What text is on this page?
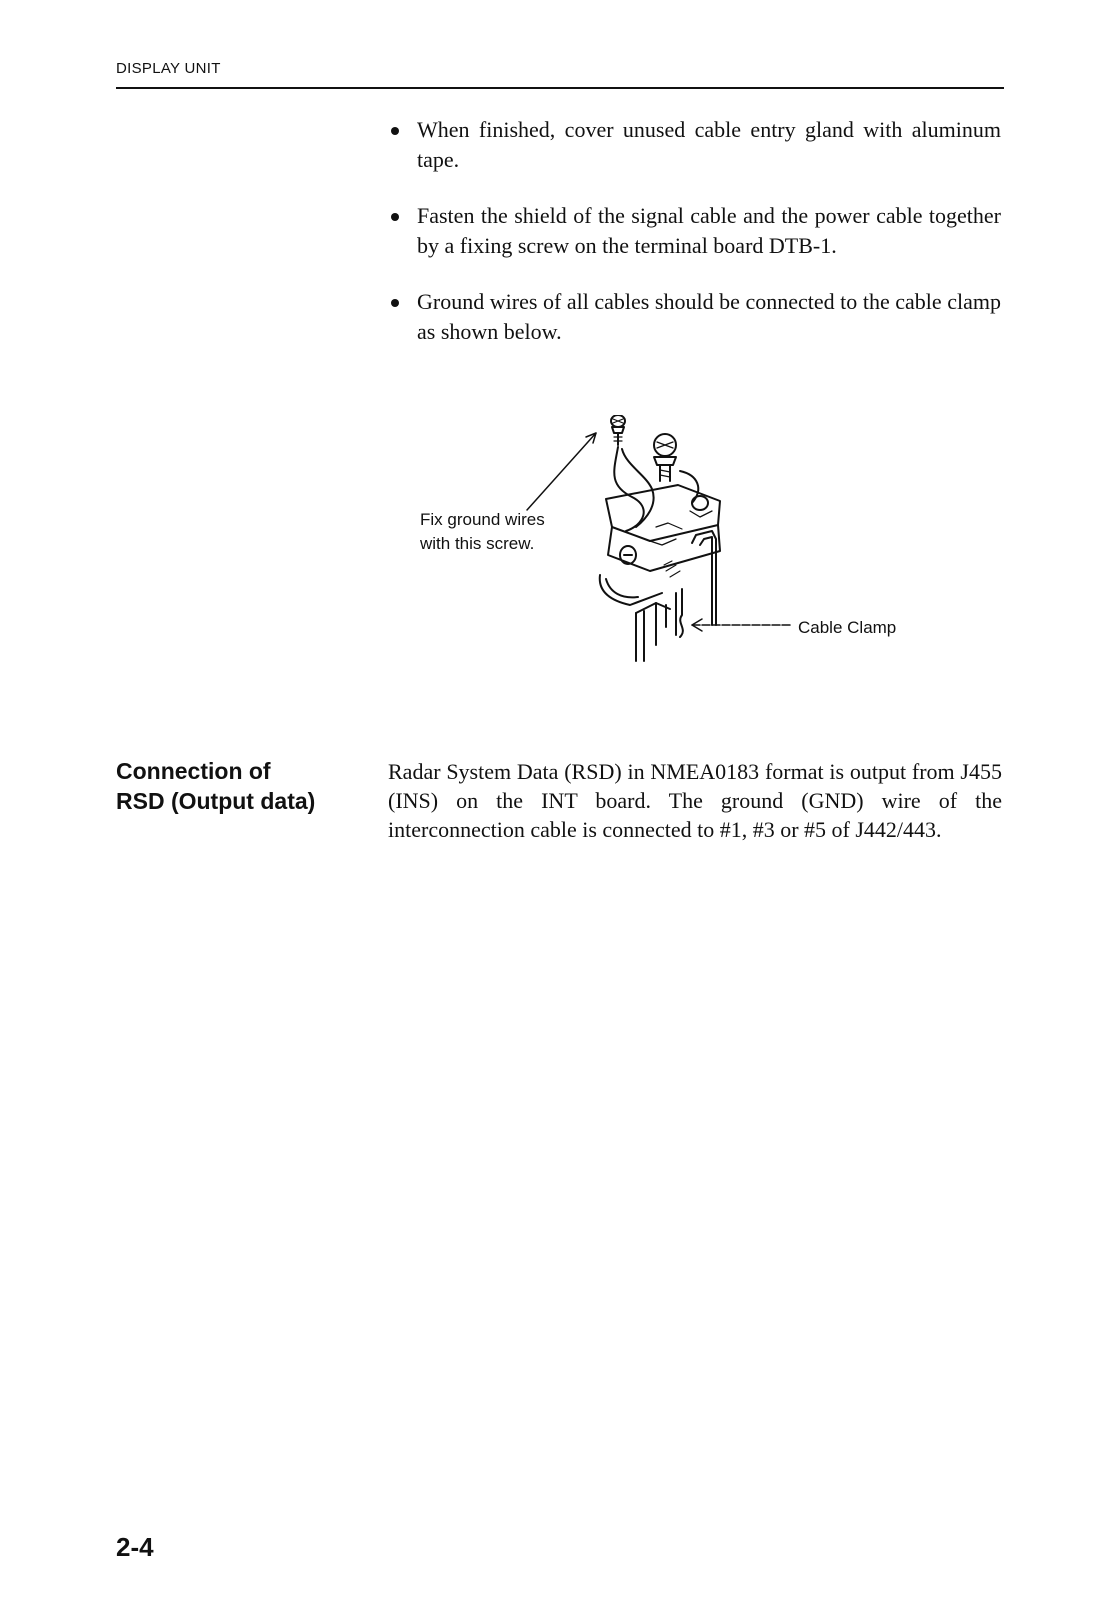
DISPLAY UNIT
When finished, cover unused cable entry gland with aluminum tape.
Fasten the shield of the signal cable and the power cable together by a fixing screw on the terminal board DTB-1.
Ground wires of all cables should be connected to the cable clamp as shown below.
Fix ground wires
with this screw.
Cable Clamp
Connection of
RSD (Output data)
Radar System Data (RSD) in NMEA0183 format is output from J455 (INS) on the INT board. The ground (GND) wire of the interconnection cable is connected to #1, #3 or #5 of J442/443.
2-4
